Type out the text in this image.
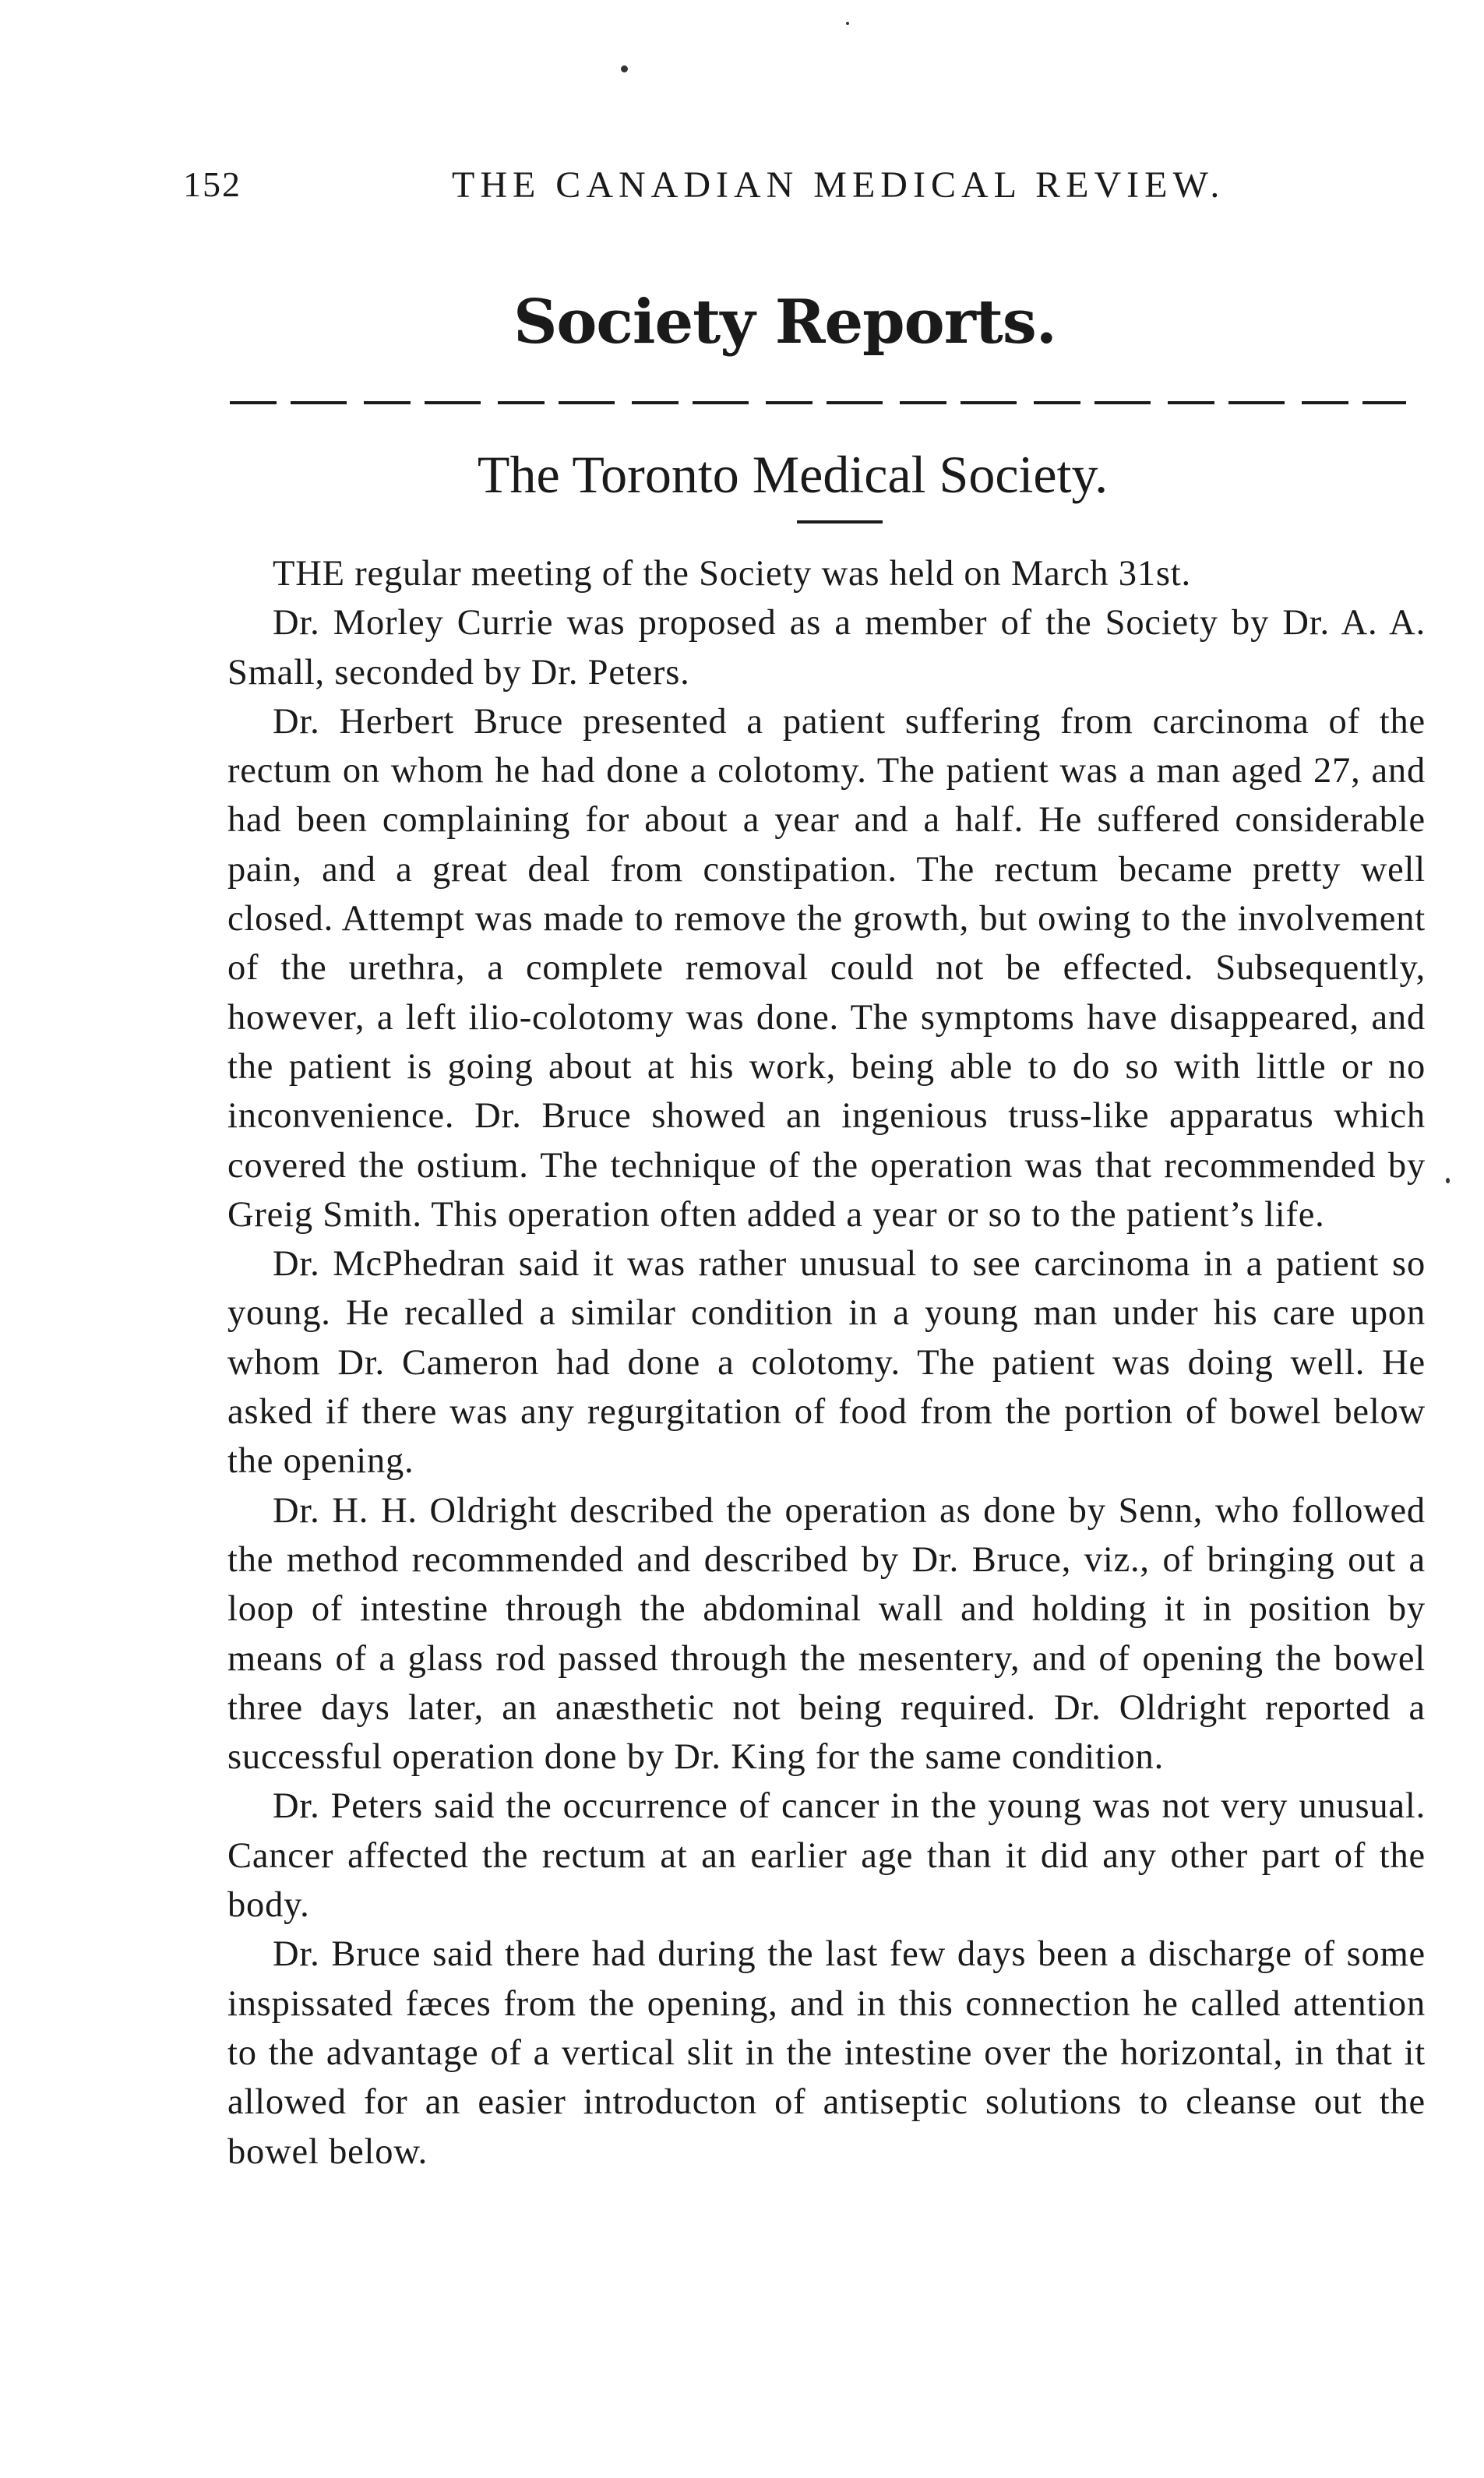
152	THE CANADIAN MEDICAL REVIEW.
Society Reports.
The Toronto Medical Society.

THE regular meeting of the Society was held on March 31st.

Dr. Morley Currie was proposed as a member of the Society by Dr. A. A. Small, seconded by Dr. Peters.

Dr. Herbert Bruce presented a patient suffering from carcinoma of the rectum on whom he had done a colotomy. The patient was a man aged 27, and had been complaining for about a year and a half. He suffered considerable pain, and a great deal from constipation. The rectum became pretty well closed. Attempt was made to remove the growth, but owing to the involvement of the urethra, a complete removal could not be effected. Subsequently, however, a left ilio-colotomy was done. The symptoms have disappeared, and the patient is going about at his work, being able to do so with little or no inconvenience. Dr. Bruce showed an ingenious truss-like apparatus which covered the ostium. The technique of the operation was that recommended by Greig Smith. This operation often added a year or so to the patient’s life.

Dr. McPhedran said it was rather unusual to see carcinoma in a patient so young. He recalled a similar condition in a young man under his care upon whom Dr. Cameron had done a colotomy. The patient was doing well. He asked if there was any regurgitation of food from the portion of bowel below the opening.

Dr. H. H. Oldright described the operation as done by Senn, who followed the method recommended and described by Dr. Bruce, viz., of bringing out a loop of intestine through the abdominal wall and holding it in position by means of a glass rod passed through the mesentery, and of opening the bowel three days later, an anæsthetic not being required. Dr. Oldright reported a successful operation done by Dr. King for the same condition.

Dr. Peters said the occurrence of cancer in the young was not very unusual. Cancer affected the rectum at an earlier age than it did any other part of the body.

Dr. Bruce said there had during the last few days been a discharge of some inspissated fæces from the opening, and in this connection he called attention to the advantage of a vertical slit in the intestine over the horizontal, in that it allowed for an easier introducton of antiseptic solutions to cleanse out the bowel below.
